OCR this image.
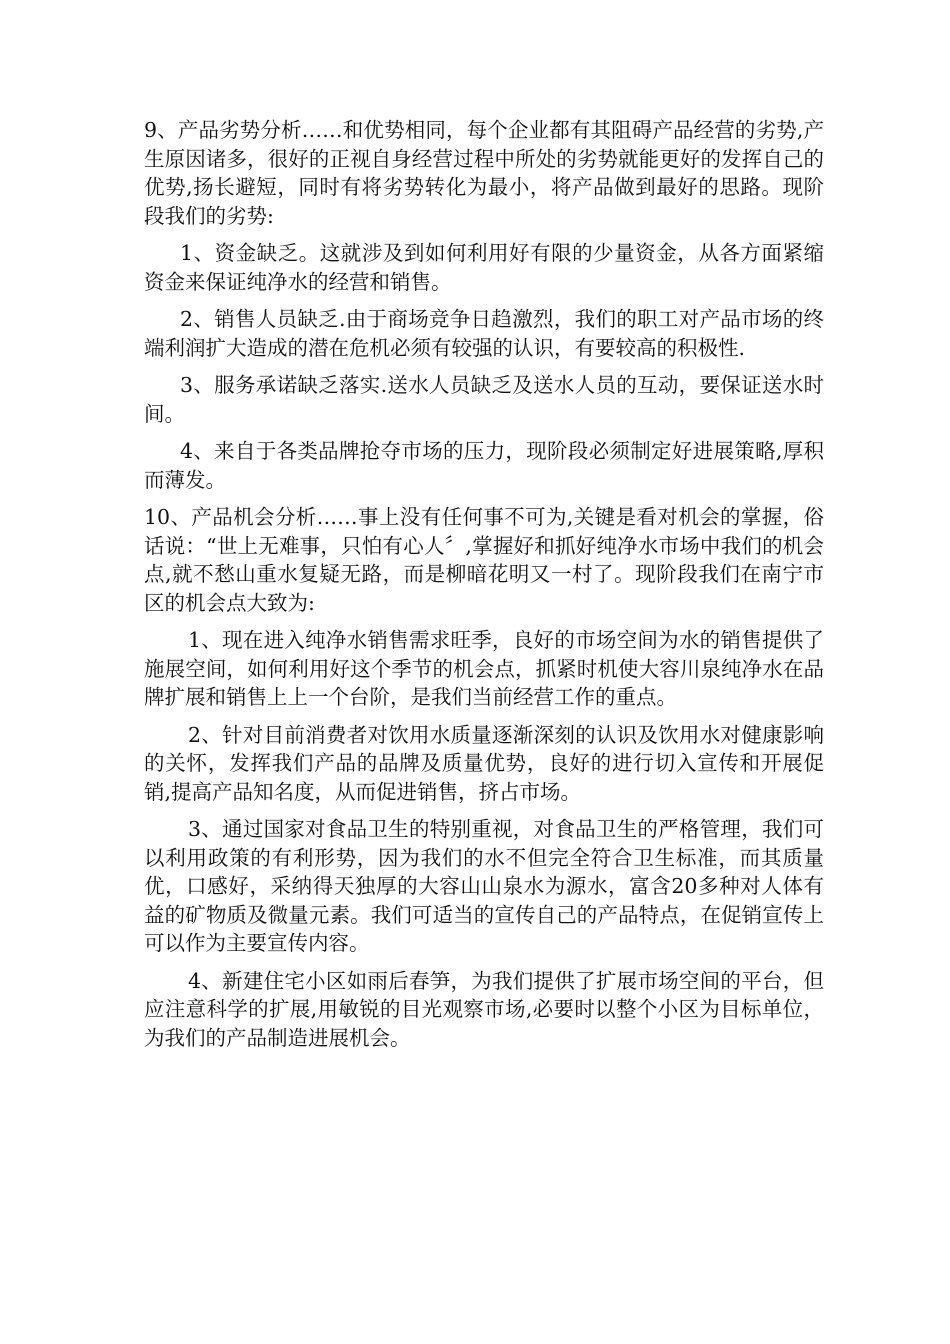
9、产品劣势分析……和优势相同，每个企业都有其阻碍产品经营的劣势,产生原因诸多，很好的正视自身经营过程中所处的劣势就能更好的发挥自己的优势,扬长避短，同时有将劣势转化为最小，将产品做到最好的思路。现阶段我们的劣势:

1、资金缺乏。这就涉及到如何利用好有限的少量资金，从各方面紧缩资金来保证纯净水的经营和销售。

2、销售人员缺乏.由于商场竞争日趋激烈，我们的职工对产品市场的终端利润扩大造成的潜在危机必须有较强的认识，有要较高的积极性.

3、服务承诺缺乏落实.送水人员缺乏及送水人员的互动，要保证送水时间。

4、来自于各类品牌抢夺市场的压力，现阶段必须制定好进展策略,厚积而薄发。

10、产品机会分析……事上没有任何事不可为,关键是看对机会的掌握，俗话说：“世上无难事，只怕有心人〞,掌握好和抓好纯净水市场中我们的机会点,就不愁山重水复疑无路，而是柳暗花明又一村了。现阶段我们在南宁市区的机会点大致为:

1、现在进入纯净水销售需求旺季，良好的市场空间为水的销售提供了施展空间，如何利用好这个季节的机会点，抓紧时机使大容川泉纯净水在品牌扩展和销售上上一个台阶，是我们当前经营工作的重点。

2、针对目前消费者对饮用水质量逐渐深刻的认识及饮用水对健康影响的关怀，发挥我们产品的品牌及质量优势，良好的进行切入宣传和开展促销,提高产品知名度，从而促进销售，挤占市场。

3、通过国家对食品卫生的特别重视，对食品卫生的严格管理，我们可以利用政策的有利形势，因为我们的水不但完全符合卫生标准，而其质量优，口感好，采纳得天独厚的大容山山泉水为源水，富含20多种对人体有益的矿物质及微量元素。我们可适当的宣传自己的产品特点，在促销宣传上可以作为主要宣传内容。

4、新建住宅小区如雨后春笋，为我们提供了扩展市场空间的平台，但应注意科学的扩展,用敏锐的目光观察市场,必要时以整个小区为目标单位，为我们的产品制造进展机会。
